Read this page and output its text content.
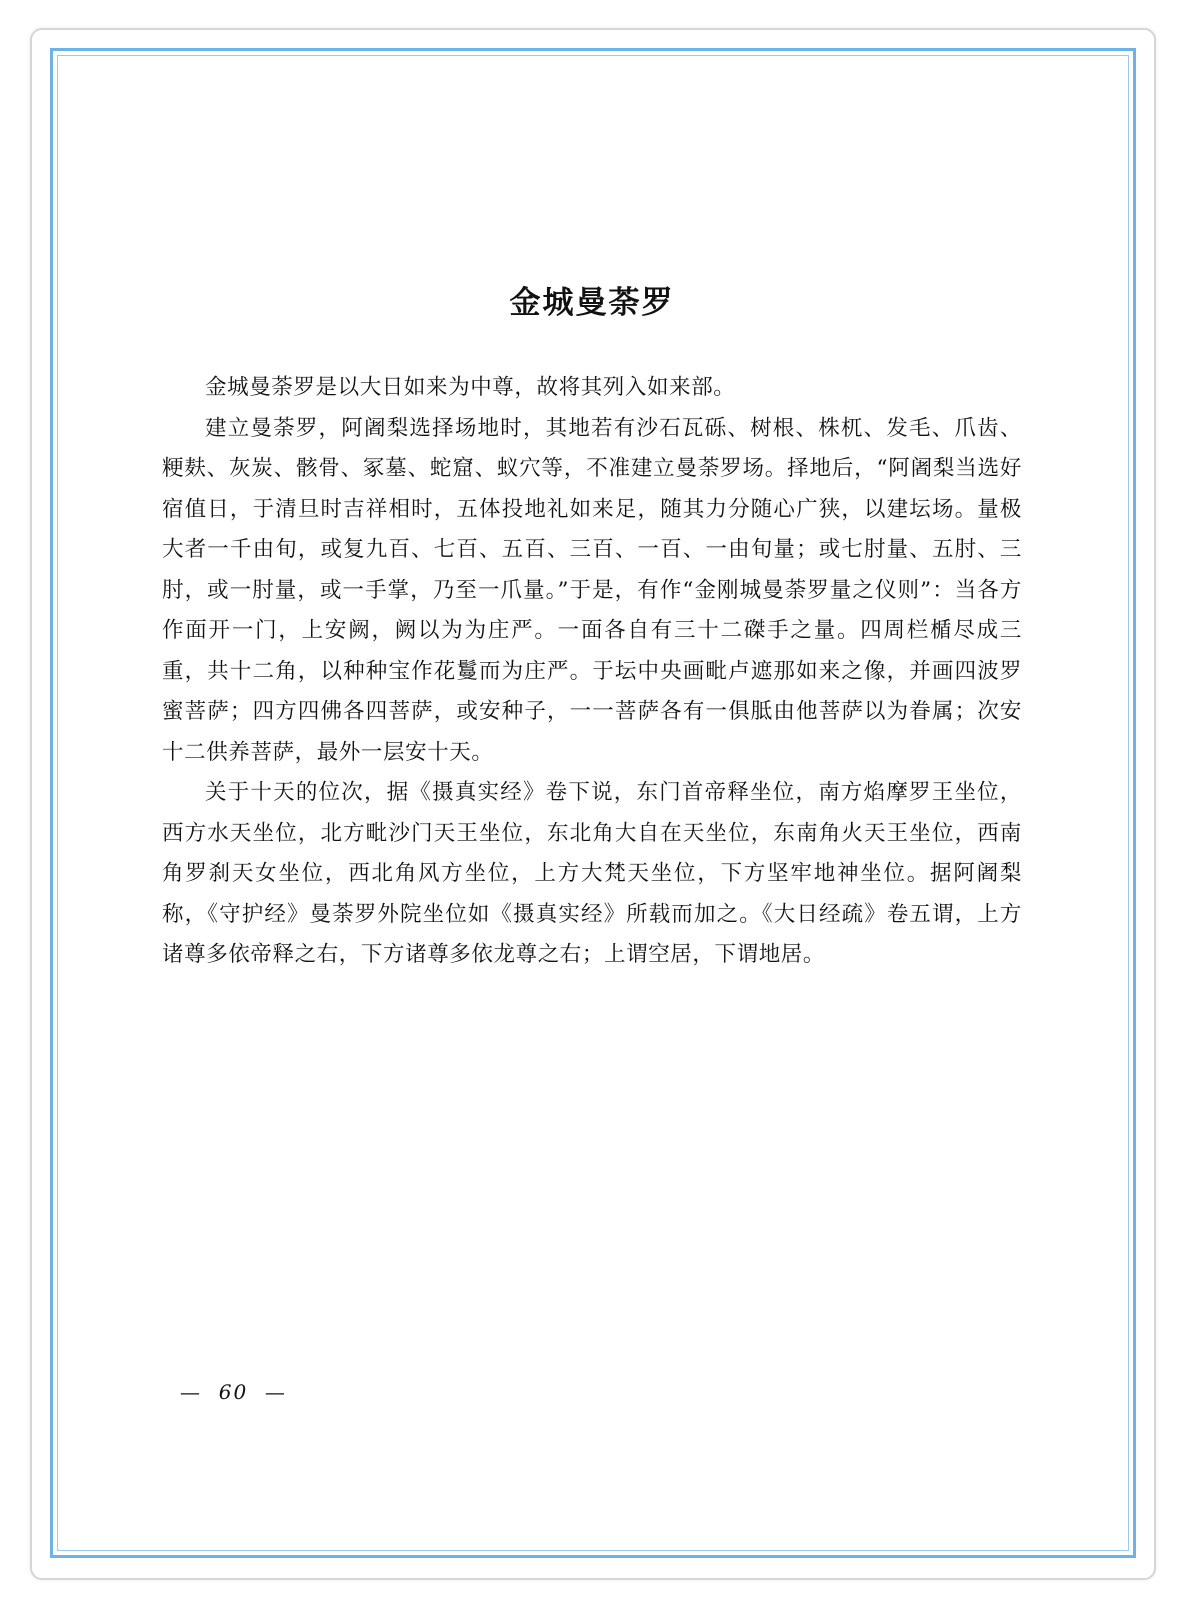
金城曼荼罗

金城曼荼罗是以大日如来为中尊，故将其列入如来部。

建立曼荼罗，阿阇梨选择场地时，其地若有沙石瓦砾、树根、株杌、发毛、爪齿、粳麸、灰炭、骸骨、冢墓、蛇窟、蚁穴等，不准建立曼荼罗场。择地后，“阿阇梨当选好宿值日，于清旦时吉祥相时，五体投地礼如来足，随其力分随心广狭，以建坛场。量极大者一千由旬，或复九百、七百、五百、三百、一百、一由旬量；或七肘量、五肘、三肘，或一肘量，或一手掌，乃至一爪量。”于是，有作“金刚城曼荼罗量之仪则”：当各方作面开一门，上安阙，阙以为为庄严。一面各自有三十二磔手之量。四周栏楯尽成三重，共十二角，以种种宝作花鬘而为庄严。于坛中央画毗卢遮那如来之像，并画四波罗蜜菩萨；四方四佛各四菩萨，或安种子，一一菩萨各有一俱胝由他菩萨以为眷属；次安十二供养菩萨，最外一层安十天。

关于十天的位次，据《摄真实经》卷下说，东门首帝释坐位，南方焰摩罗王坐位，西方水天坐位，北方毗沙门天王坐位，东北角大自在天坐位，东南角火天王坐位，西南角罗刹天女坐位，西北角风方坐位，上方大梵天坐位，下方坚牢地神坐位。据阿阇梨称，《守护经》曼荼罗外院坐位如《摄真实经》所载而加之。《大日经疏》卷五谓，上方诸尊多依帝释之右，下方诸尊多依龙尊之右；上谓空居，下谓地居。

— 60 —
